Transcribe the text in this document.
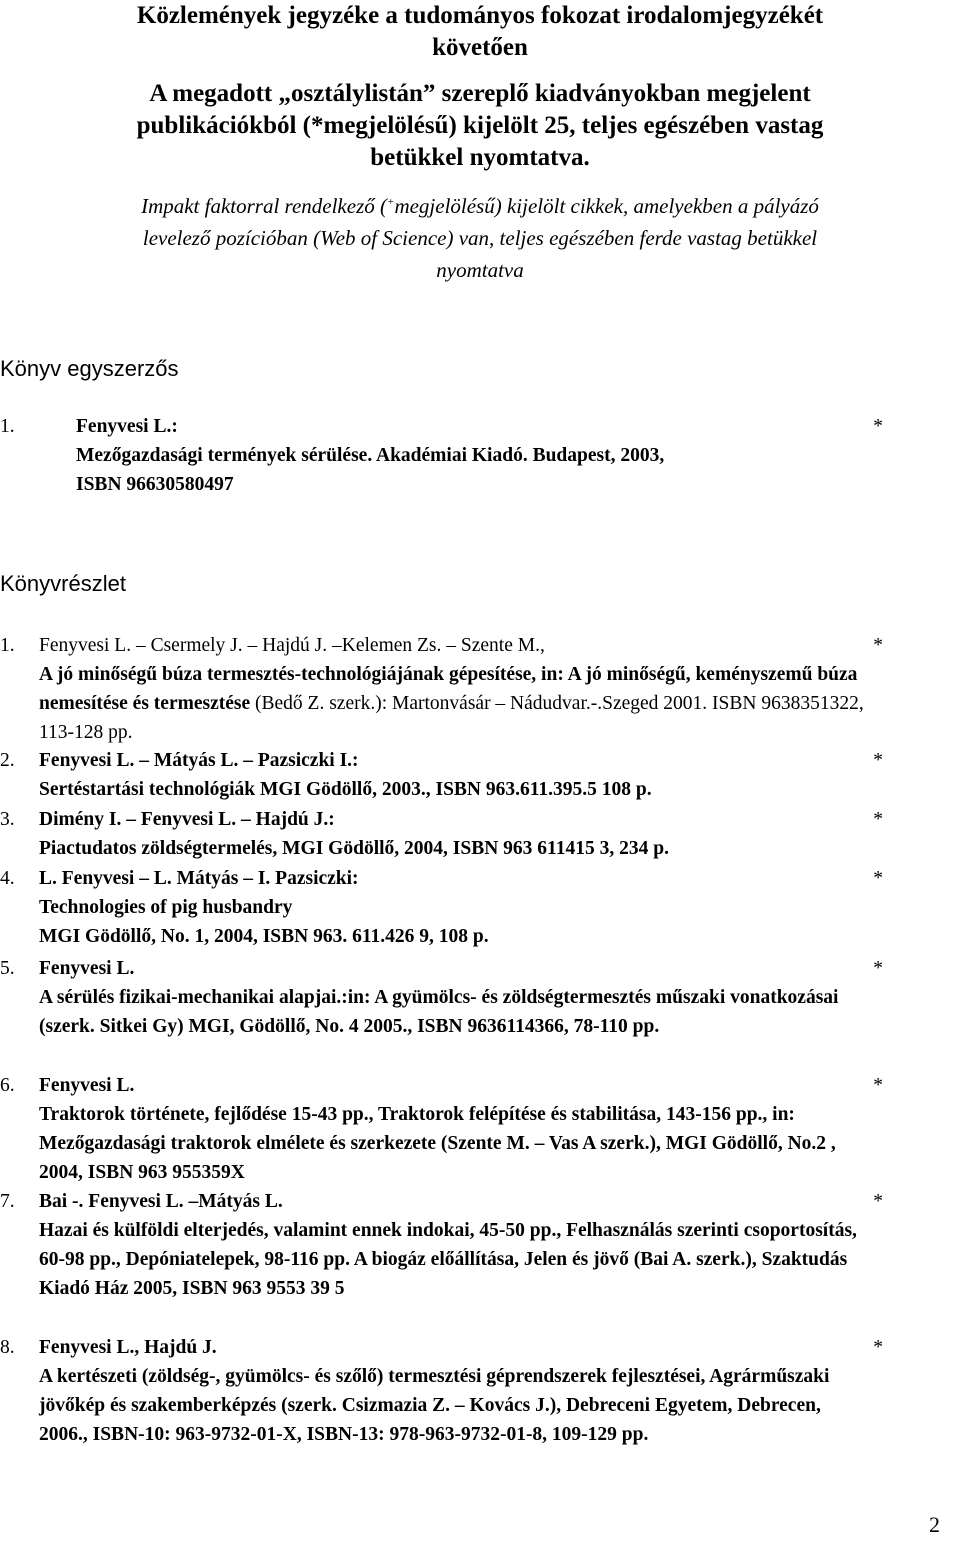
Közlemények jegyzéke a tudományos fokozat irodalomjegyzékét
követően
A megadott „osztálylistán” szereplő kiadványokban megjelent
publikációkból (*megjelölésű) kijelölt 25, teljes egészében vastag
betükkel nyomtatva.
Impakt faktorral rendelkező (+megjelölésű) kijelölt cikkek, amelyekben a pályázó
levelező pozícióban (Web of Science) van, teljes egészében ferde vastag betükkel
nyomtatva
Könyv egyszerzős
1.	*
Fenyvesi L.:
Mezőgazdasági termények sérülése. Akadémiai Kiadó. Budapest, 2003,
ISBN 96630580497
Könyvrészlet
1.	*
Fenyvesi L. – Csermely J. – Hajdú J. –Kelemen Zs. – Szente M.,
A jó minőségű búza termesztés-technológiájának gépesítése, in: A jó minőségű, keményszemű búza nemesítése és termesztése (Bedő Z. szerk.): Martonvásár – Nádudvar.-.Szeged 2001. ISBN 9638351322, 113-128 pp.
2.	*
Fenyvesi L. – Mátyás L. – Pazsiczki I.:
Sertéstartási technológiák MGI Gödöllő, 2003., ISBN 963.611.395.5 108 p.
3.	*
Dimény I. – Fenyvesi L. – Hajdú J.:
Piactudatos zöldségtermelés, MGI Gödöllő, 2004, ISBN 963 611415 3, 234 p.
4.	*
L. Fenyvesi – L. Mátyás – I. Pazsiczki:
Technologies of pig husbandry
MGI Gödöllő, No. 1, 2004, ISBN 963. 611.426 9, 108 p.
5.	*
Fenyvesi L.
A sérülés fizikai-mechanikai alapjai.:in: A gyümölcs- és zöldségtermesztés műszaki vonatkozásai (szerk. Sitkei Gy) MGI, Gödöllő, No. 4 2005., ISBN 9636114366, 78-110 pp.
6.	*
Fenyvesi L.
Traktorok története, fejlődése 15-43 pp., Traktorok felépítése és stabilitása, 143-156 pp., in: Mezőgazdasági traktorok elmélete és szerkezete (Szente M. – Vas A szerk.), MGI Gödöllő, No.2 , 2004, ISBN 963 955359X
7.	*
Bai -. Fenyvesi L. –Mátyás L.
Hazai és külföldi elterjedés, valamint ennek indokai, 45-50 pp., Felhasználás szerinti csoportosítás, 60-98 pp., Depóniatelepek, 98-116 pp. A biogáz előállítása, Jelen és jövő (Bai A. szerk.), Szaktudás Kiadó Ház 2005, ISBN 963 9553 39 5
8.	*
Fenyvesi L., Hajdú J.
A kertészeti (zöldség-, gyümölcs- és szőlő) termesztési géprendszerek fejlesztései, Agrárműszaki jövőkép és szakemberképzés (szerk. Csizmazia Z. – Kovács J.), Debreceni Egyetem, Debrecen, 2006., ISBN-10: 963-9732-01-X, ISBN-13: 978-963-9732-01-8, 109-129 pp.
2
